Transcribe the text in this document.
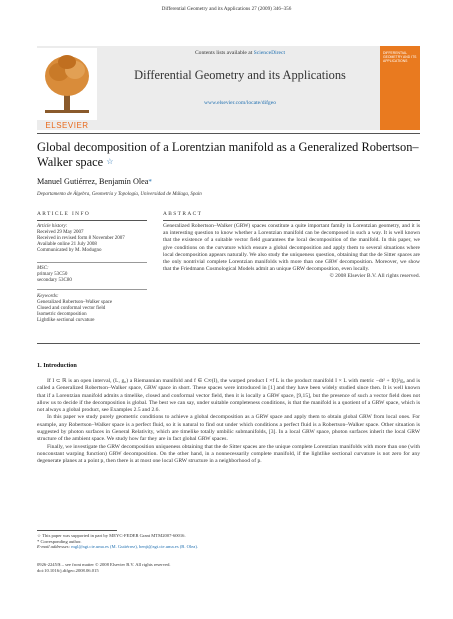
Differential Geometry and its Applications 27 (2009) 346–356
ELSEVIER
Contents lists available at ScienceDirect
Differential Geometry and its Applications
www.elsevier.com/locate/difgeo
DIFFERENTIAL GEOMETRY AND ITS APPLICATIONS
Global decomposition of a Lorentzian manifold as a Generalized Robertson–Walker space ☆
Manuel Gutiérrez, Benjamín Olea*
Departamento de Álgebra, Geometría y Topología, Universidad de Málaga, Spain
ARTICLE INFO
Article history:
Received 29 May 2007
Received in revised form 8 November 2007
Available online 21 July 2008
Communicated by M. Modugno
MSC:
primary 53C50
secondary 53C80
Keywords:
Generalized Robertson–Walker space
Closed and conformal vector field
Isometric decomposition
Lightlike sectional curvature
ABSTRACT
Generalized Robertson–Walker (GRW) spaces constitute a quite important family in Lorentzian geometry, and it is an interesting question to know whether a Lorentzian manifold can be decomposed in such a way. It is well known that the existence of a suitable vector field guarantees the local decomposition of the manifold. In this paper, we give conditions on the curvature which ensure a global decomposition and apply them to several situations where local decomposition appears naturally. We also study the uniqueness question, obtaining that the de Sitter spaces are the only nontrivial complete Lorentzian manifolds with more than one GRW decomposition. Moreover, we show that the Friedmann Cosmological Models admit an unique GRW decomposition, even locally.
© 2008 Elsevier B.V. All rights reserved.
1. Introduction

If I ⊂ ℝ is an open interval, (L, g₀) a Riemannian manifold and f ∈ C∞(I), the warped product I ×f L is the product manifold I × L with metric −dt² + f(t)²g₀ and is called a Generalized Robertson–Walker space, GRW space in short. These spaces were introduced in [1] and they have been widely studied since then. It is well known that if a Lorentzian manifold admits a timelike, closed and conformal vector field, then it is locally a GRW space, [9,15], but the presence of such a vector field does not allow us to decide if the decomposition is global. The best we can say, under suitable completeness conditions, is that the manifold is a quotient of a GRW space, which is not always a global product, see Examples 2.5 and 2.6.

In this paper we study purely geometric conditions to achieve a global decomposition as a GRW space and apply them to obtain global GRW from local ones. For example, any Robertson–Walker space is a perfect fluid, so it is natural to find out under which conditions a perfect fluid is a Robertson–Walker space. Other situation is suggested by photon surfaces in General Relativity, which are timelike totally umbilic submanifolds, [3]. In a local GRW space, photon surfaces inherit the local GRW structure of the ambient space. We study how far they are in fact global GRW spaces.

Finally, we investigate the GRW decomposition uniqueness obtaining that the de Sitter spaces are the unique complete Lorentzian manifolds with more than one (with nonconstant warping function) GRW decomposition. On the other hand, in a nonnecessarily complete manifold, if the lightlike sectional curvature is not zero for any degenerate planes at a point p, then there is at most one local GRW structure in a neighborhood of p.

☆ This paper was supported in part by MEYC-FEDER Grant MTM2007-60016.
* Corresponding author.
E-mail addresses: mgl@agt.cie.uma.es (M. Gutiérrez), benji@agt.cie.uma.es (B. Olea).
0926-2245/$ – see front matter © 2008 Elsevier B.V. All rights reserved.
doi:10.1016/j.difgeo.2008.06.015
